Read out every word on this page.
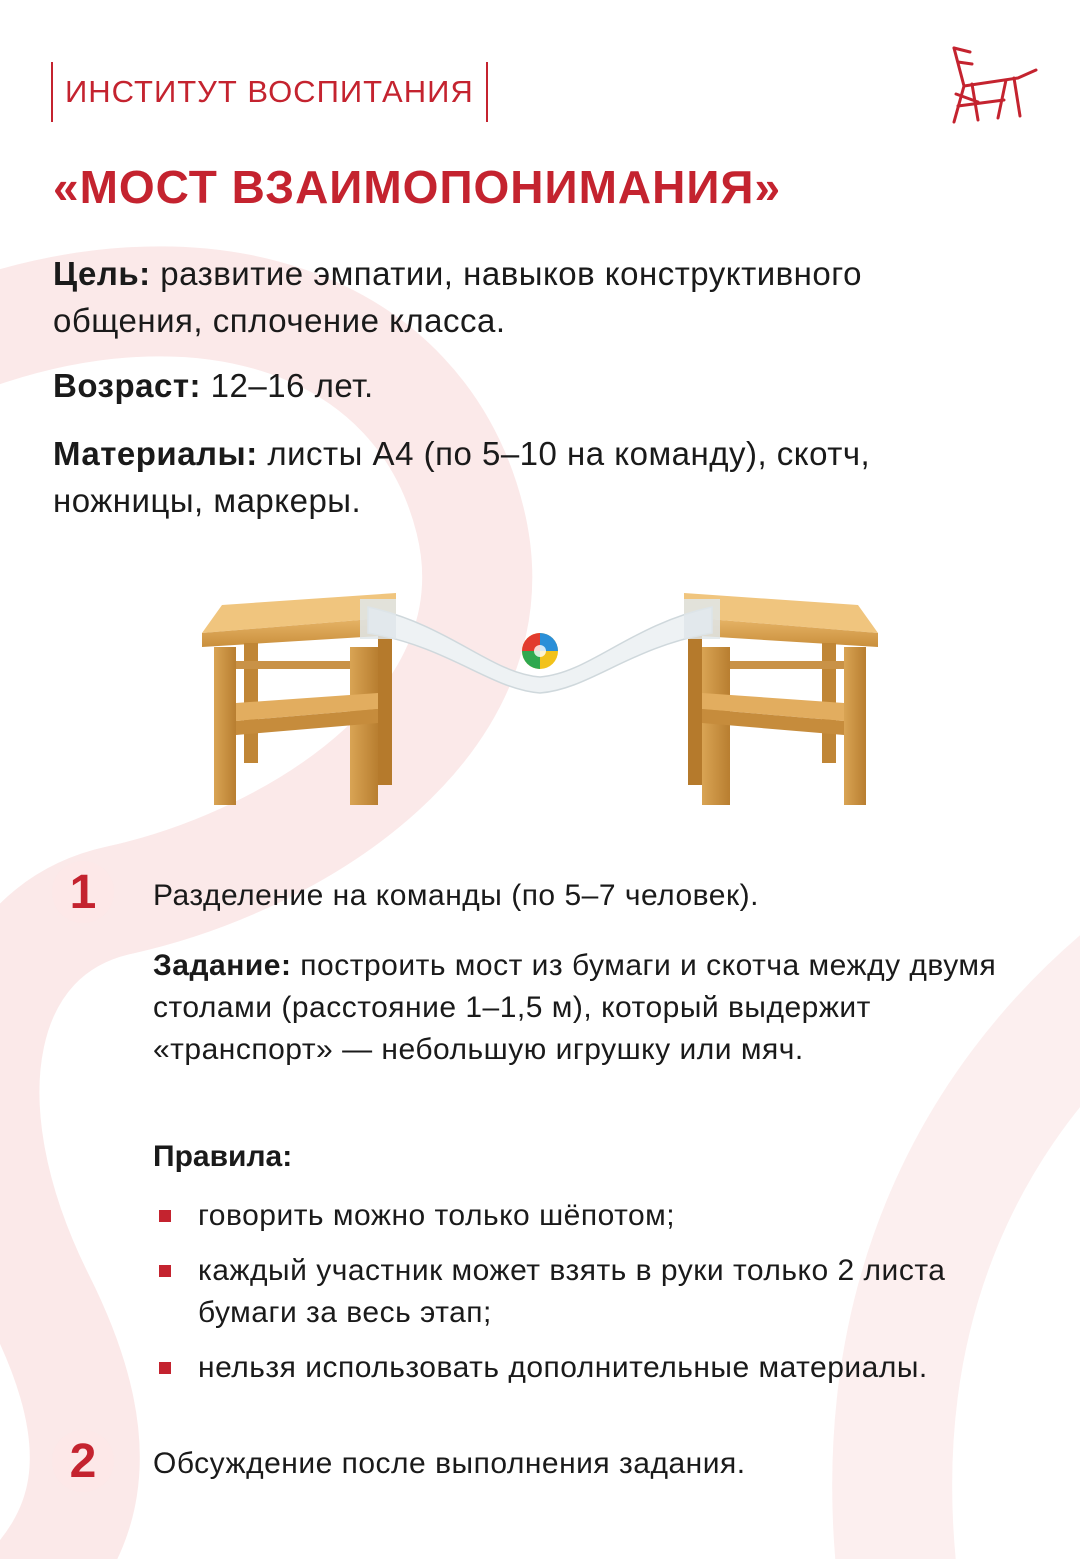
ИНСТИТУТ ВОСПИТАНИЯ
«МОСТ ВЗАИМОПОНИМАНИЯ»
Цель: развитие эмпатии, навыков конструктивного общения, сплочение класса.
Возраст: 12–16 лет.
Материалы: листы А4 (по 5–10 на команду), скотч, ножницы, маркеры.
1	Разделение на команды (по 5–7 человек).
Задание: построить мост из бумаги и скотча между двумя столами (расстояние 1–1,5 м), который выдержит «транспорт» — небольшую игрушку или мяч.
Правила:
говорить можно только шёпотом;
каждый участник может взять в руки только 2 листа бумаги за весь этап;
нельзя использовать дополнительные материалы.
2	Обсуждение после выполнения задания.
